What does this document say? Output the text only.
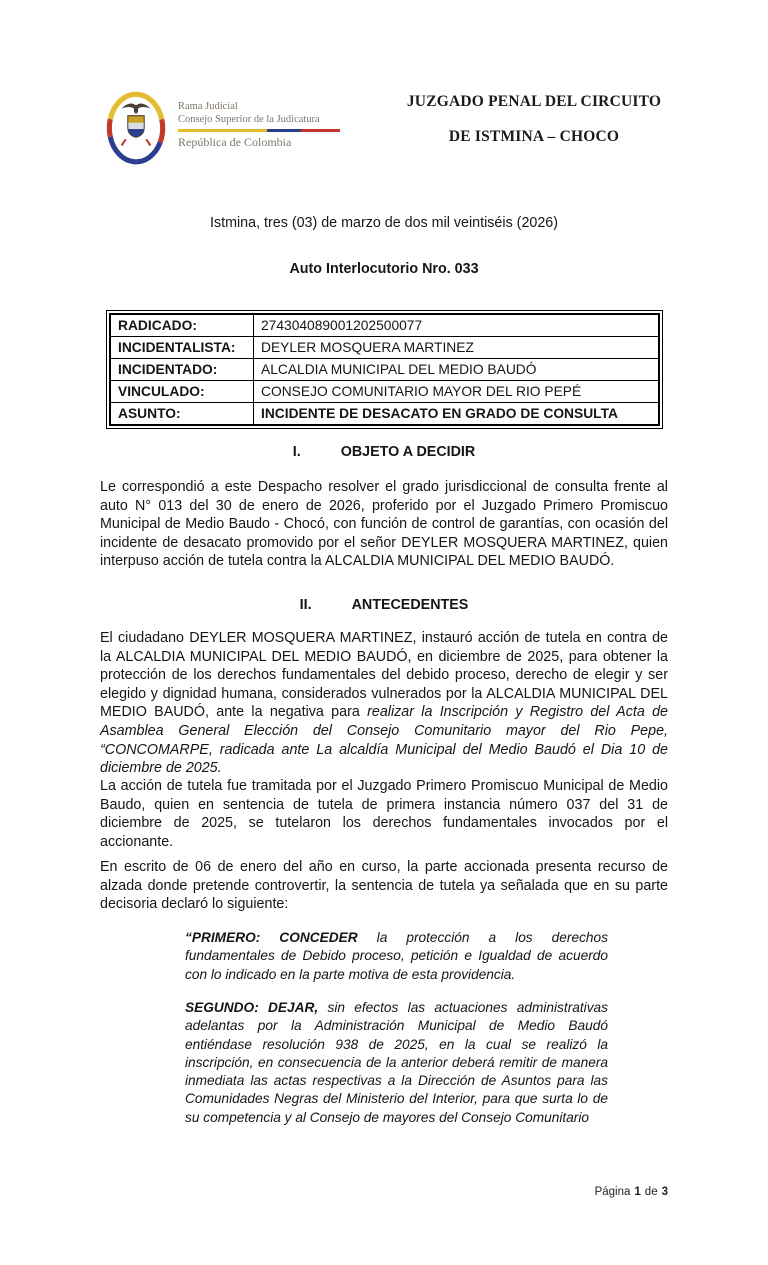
Rama Judicial
Consejo Superior de la Judicatura
República de Colombia
JUZGADO PENAL DEL CIRCUITO
DE ISTMINA – CHOCO
Istmina, tres (03) de marzo de dos mil veintiséis (2026)
Auto Interlocutorio Nro. 033
RADICADO:	274304089001202500077
INCIDENTALISTA:	DEYLER MOSQUERA MARTINEZ
INCIDENTADO:	ALCALDIA MUNICIPAL DEL MEDIO BAUDÓ
VINCULADO:	CONSEJO COMUNITARIO MAYOR DEL RIO PEPÉ
ASUNTO:	INCIDENTE DE DESACATO EN GRADO DE CONSULTA
I.	OBJETO A DECIDIR
Le correspondió a este Despacho resolver el grado jurisdiccional de consulta frente al auto N° 013 del 30 de enero de 2026, proferido por el Juzgado Primero Promiscuo Municipal de Medio Baudo - Chocó, con función de control de garantías, con ocasión del incidente de desacato promovido por el señor DEYLER MOSQUERA MARTINEZ, quien interpuso acción de tutela contra la ALCALDIA MUNICIPAL DEL MEDIO BAUDÓ.
II.	ANTECEDENTES
El ciudadano DEYLER MOSQUERA MARTINEZ, instauró acción de tutela en contra de la ALCALDIA MUNICIPAL DEL MEDIO BAUDÓ, en diciembre de 2025, para obtener la protección de los derechos fundamentales del debido proceso, derecho de elegir y ser elegido y dignidad humana, considerados vulnerados por la ALCALDIA MUNICIPAL DEL MEDIO BAUDÓ, ante la negativa para realizar la Inscripción y Registro del Acta de Asamblea General Elección del Consejo Comunitario mayor del Rio Pepe, “CONCOMARPE, radicada ante La alcaldía Municipal del Medio Baudó el Dia 10 de diciembre de 2025.
La acción de tutela fue tramitada por el Juzgado Primero Promiscuo Municipal de Medio Baudo, quien en sentencia de tutela de primera instancia número 037 del 31 de diciembre de 2025, se tutelaron los derechos fundamentales invocados por el accionante.
En escrito de 06 de enero del año en curso, la parte accionada presenta recurso de alzada donde pretende controvertir, la sentencia de tutela ya señalada que en su parte decisoria declaró lo siguiente:
“PRIMERO: CONCEDER la protección a los derechos fundamentales de Debido proceso, petición e Igualdad de acuerdo con lo indicado en la parte motiva de esta providencia.
SEGUNDO: DEJAR, sin efectos las actuaciones administrativas adelantas por la Administración Municipal de Medio Baudó entiéndase resolución 938 de 2025, en la cual se realizó la inscripción, en consecuencia de la anterior deberá remitir de manera inmediata las actas respectivas a la Dirección de Asuntos para las Comunidades Negras del Ministerio del Interior, para que surta lo de su competencia y al Consejo de mayores del Consejo Comunitario
Página 1 de 3
